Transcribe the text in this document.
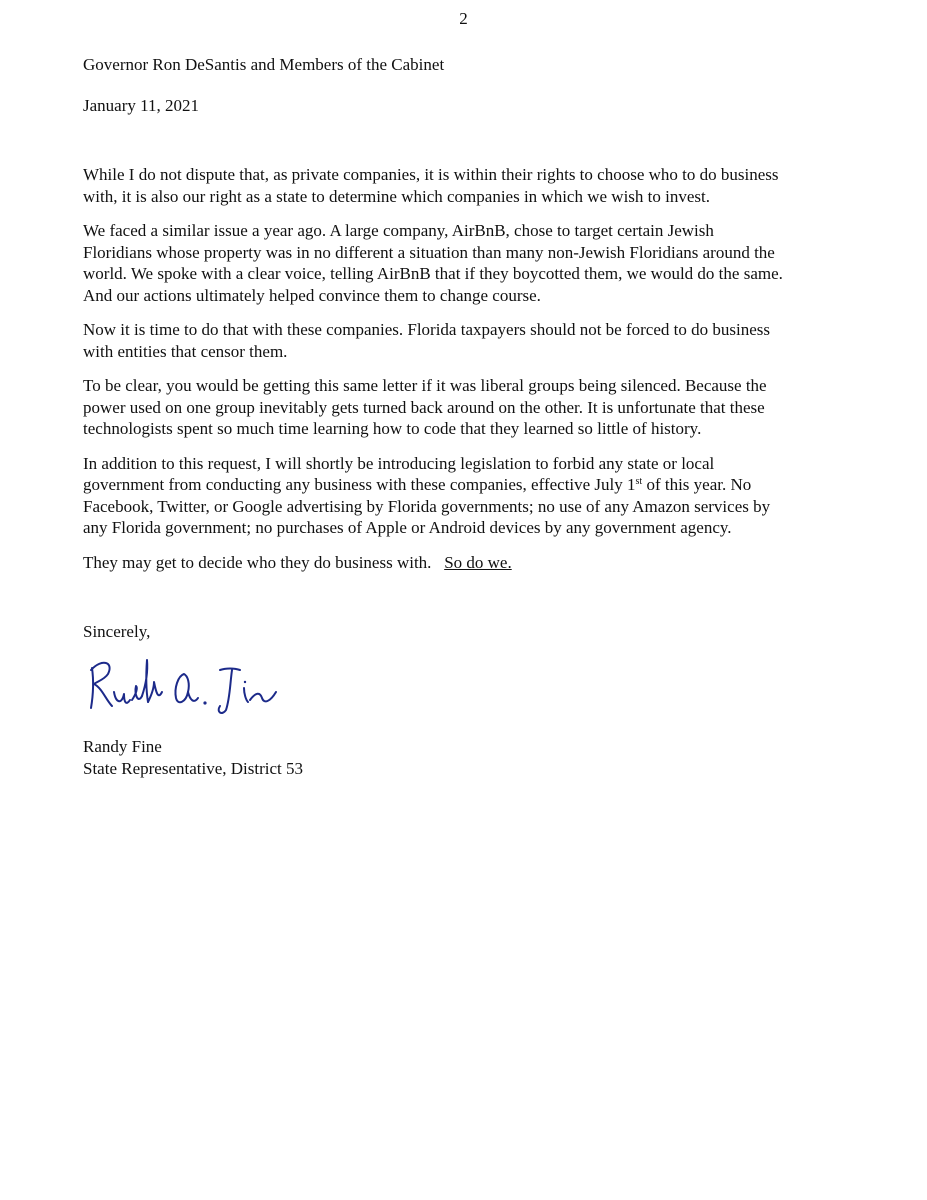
2
Governor Ron DeSantis and Members of the Cabinet
January 11, 2021
While I do not dispute that, as private companies, it is within their rights to choose who to do business
with, it is also our right as a state to determine which companies in which we wish to invest.
We faced a similar issue a year ago. A large company, AirBnB, chose to target certain Jewish
Floridians whose property was in no different a situation than many non-Jewish Floridians around the
world. We spoke with a clear voice, telling AirBnB that if they boycotted them, we would do the same.
And our actions ultimately helped convince them to change course.
Now it is time to do that with these companies. Florida taxpayers should not be forced to do business
with entities that censor them.
To be clear, you would be getting this same letter if it was liberal groups being silenced. Because the
power used on one group inevitably gets turned back around on the other. It is unfortunate that these
technologists spent so much time learning how to code that they learned so little of history.
In addition to this request, I will shortly be introducing legislation to forbid any state or local
government from conducting any business with these companies, effective July 1st of this year. No
Facebook, Twitter, or Google advertising by Florida governments; no use of any Amazon services by
any Florida government; no purchases of Apple or Android devices by any government agency.
They may get to decide who they do business with.   So do we.
Sincerely,
Randy Fine
State Representative, District 53
